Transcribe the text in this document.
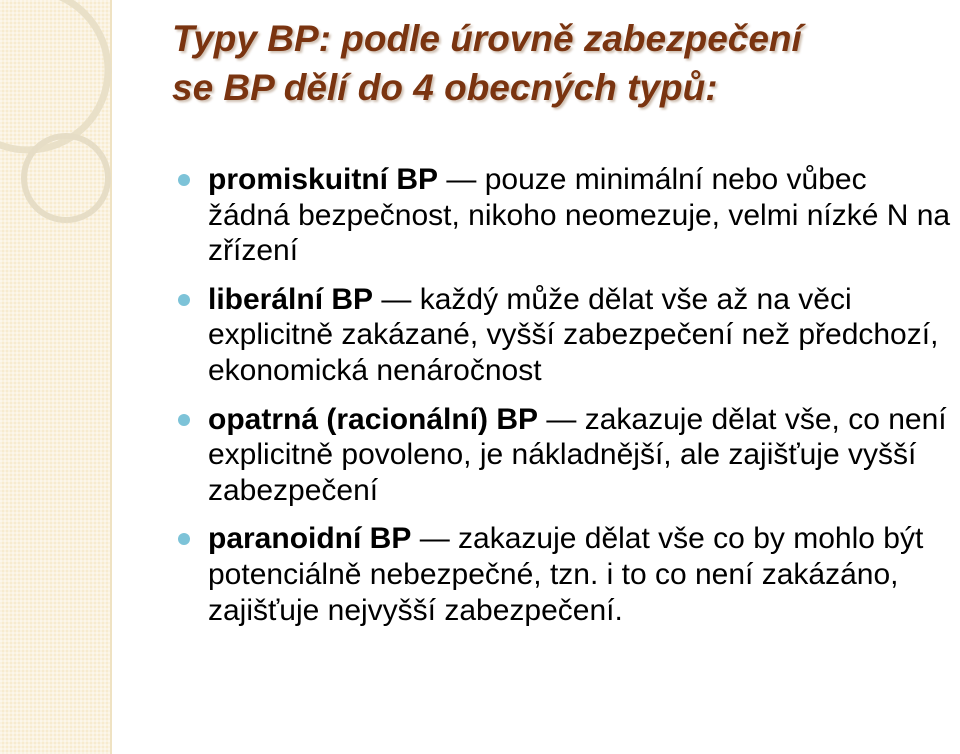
Typy BP: podle úrovně zabezpečení
se BP dělí do 4 obecných typů:
promiskuitní BP — pouze minimální nebo vůbec žádná bezpečnost, nikoho neomezuje, velmi nízké N na zřízení
liberální BP — každý může dělat vše až na věci explicitně zakázané, vyšší zabezpečení než předchozí, ekonomická nenáročnost
opatrná (racionální) BP — zakazuje dělat vše, co není explicitně povoleno, je nákladnější, ale zajišťuje vyšší zabezpečení
paranoidní BP — zakazuje dělat vše co by mohlo být potenciálně nebezpečné, tzn. i to co není zakázáno, zajišťuje nejvyšší zabezpečení.
